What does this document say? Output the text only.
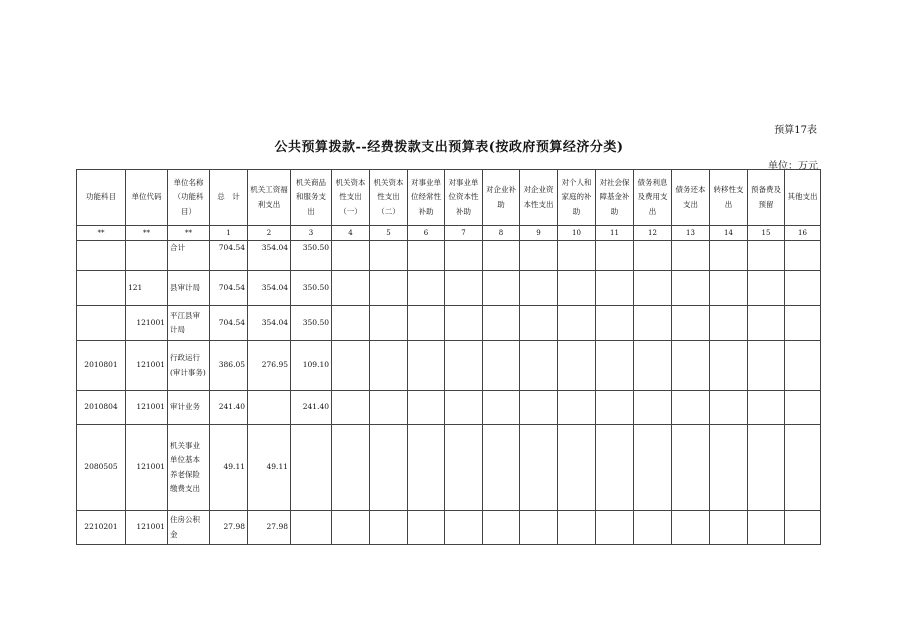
预算17表
公共预算拨款--经费拨款支出预算表(按政府预算经济分类)
单位：万元
功能科目	单位代码	单位名称（功能科目）	总　计	机关工资福利支出	机关商品和服务支出	机关资本性支出（一）	机关资本性支出（二）	对事业单位经常性补助	对事业单位资本性补助	对企业补助	对企业资本性支出	对个人和家庭的补助	对社会保障基金补助	债务利息及费用支出	债务还本支出	转移性支出	预备费及预留	其他支出
**	**	**	1	2	3	4	5	6	7	8	9	10	11	12	13	14	15	16
		合计	704.54	354.04	350.50													
	121	县审计局	704.54	354.04	350.50													
	121001	平江县审计局	704.54	354.04	350.50													
2010801	121001	行政运行(审计事务)	386.05	276.95	109.10													
2010804	121001	审计业务	241.40		241.40													
2080505	121001	机关事业单位基本养老保险缴费支出	49.11	49.11														
2210201	121001	住房公积金	27.98	27.98														
